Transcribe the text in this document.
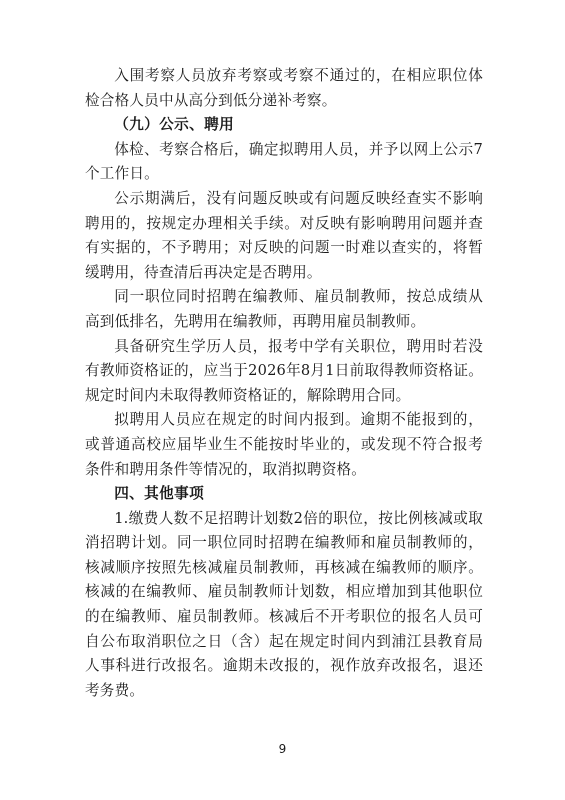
入围考察人员放弃考察或考察不通过的，在相应职位体检合格人员中从高分到低分递补考察。

（九）公示、聘用

体检、考察合格后，确定拟聘用人员，并予以网上公示7个工作日。

公示期满后，没有问题反映或有问题反映经查实不影响聘用的，按规定办理相关手续。对反映有影响聘用问题并查有实据的，不予聘用；对反映的问题一时难以查实的，将暂缓聘用，待查清后再决定是否聘用。

同一职位同时招聘在编教师、雇员制教师，按总成绩从高到低排名，先聘用在编教师，再聘用雇员制教师。

具备研究生学历人员，报考中学有关职位，聘用时若没有教师资格证的，应当于2026年8月1日前取得教师资格证。规定时间内未取得教师资格证的，解除聘用合同。

拟聘用人员应在规定的时间内报到。逾期不能报到的，或普通高校应届毕业生不能按时毕业的，或发现不符合报考条件和聘用条件等情况的，取消拟聘资格。

四、其他事项

1.缴费人数不足招聘计划数2倍的职位，按比例核减或取消招聘计划。同一职位同时招聘在编教师和雇员制教师的，核减顺序按照先核减雇员制教师，再核减在编教师的顺序。核减的在编教师、雇员制教师计划数，相应增加到其他职位的在编教师、雇员制教师。核减后不开考职位的报名人员可自公布取消职位之日（含）起在规定时间内到浦江县教育局人事科进行改报名。逾期未改报的，视作放弃改报名，退还考务费。

9
